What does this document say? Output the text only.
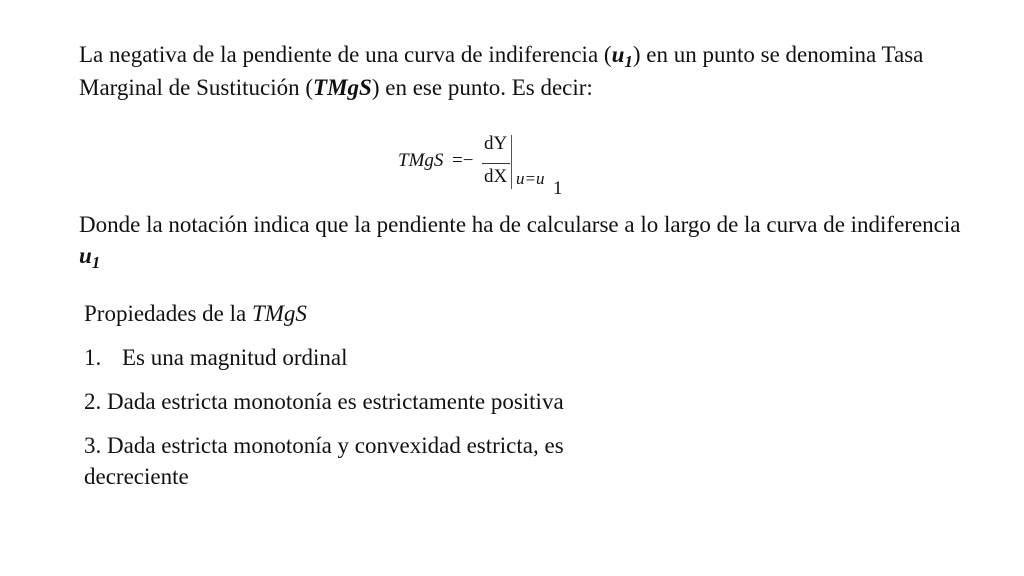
La negativa de la pendiente de una curva de indiferencia $(u_1)$ en un punto se denomina Tasa Marginal de Sustitución (TMgS) en ese punto. Es decir:

TMgS =−
dY
dX u=u 1

Donde la notación indica que la pendiente ha de calcularse a lo largo de la curva de indiferencia $u_1$

Propiedades de la TMgS

1. Es una magnitud ordinal

2. Dada estricta monotonía es estrictamente positiva

3. Dada estricta monotonía y convexidad estricta, es decreciente
